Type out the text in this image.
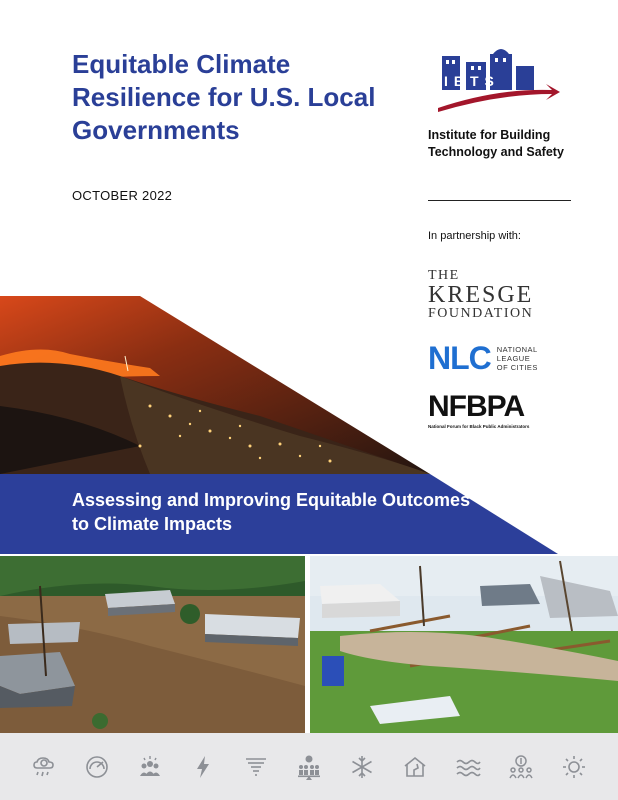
Equitable Climate Resilience for U.S. Local Governments

OCTOBER 2022

IBTS
Institute for Building
Technology and Safety
In partnership with:
THE
KRESGE
FOUNDATION
NLC NATIONAL
LEAGUE
OF CITIES
NFBPA
National Forum for Black Public Administrators
Assessing and Improving Equitable Outcomes to Climate Impacts
